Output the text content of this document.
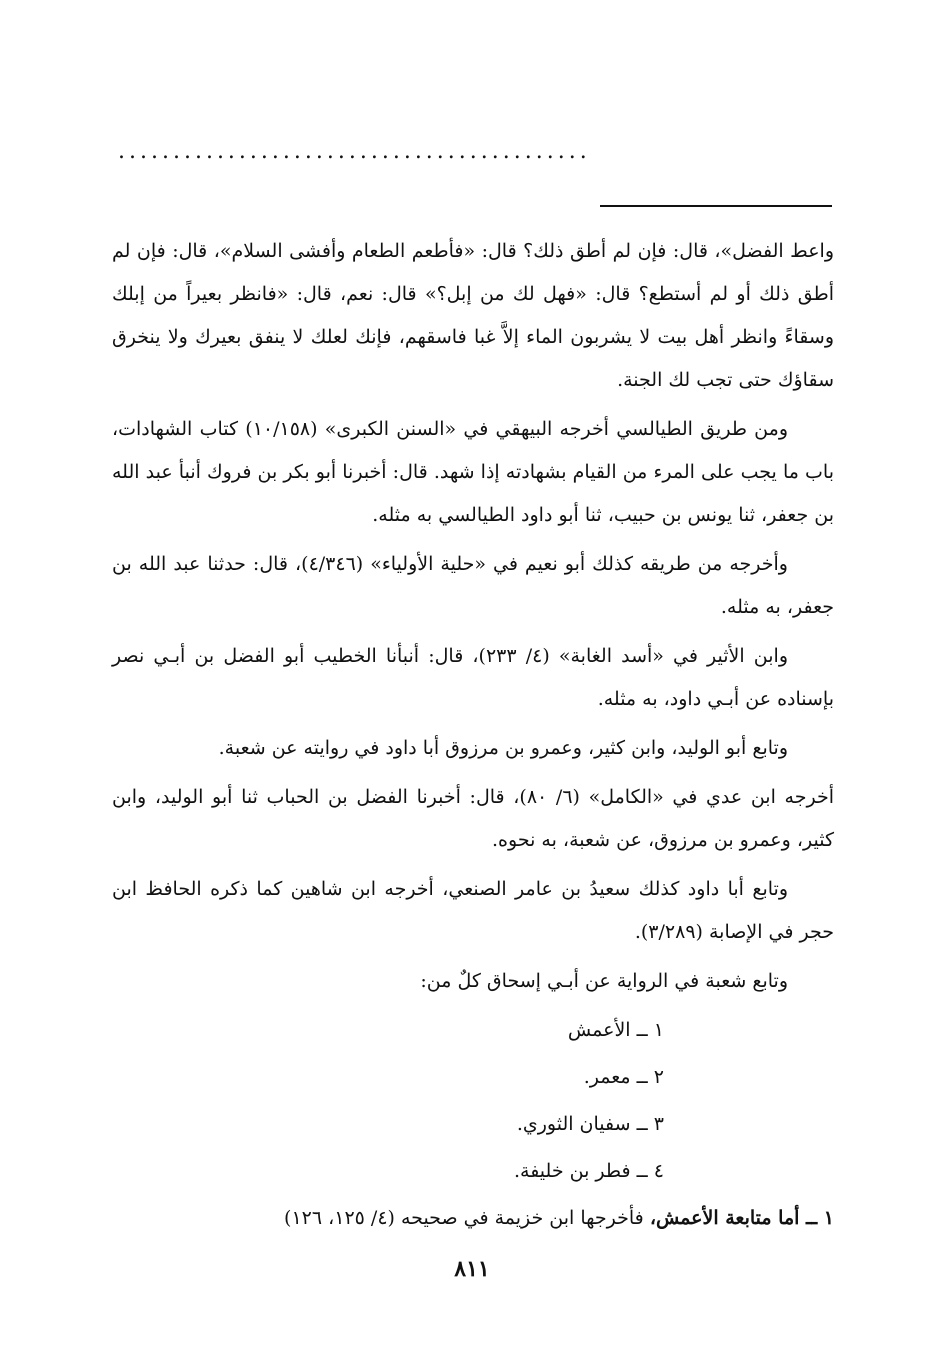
...........................................

واعط الفضل»، قال: فإن لم أطق ذلك؟ قال: «فأطعم الطعام وأفشى السلام»، قال: فإن لم أطق ذلك أو لم أستطع؟ قال: «فهل لك من إبل؟» قال: نعم، قال: «فانظر بعيراً من إبلك وسقاءً وانظر أهل بيت لا يشربون الماء إلاَّ غبا فاسقهم، فإنك لعلك لا ينفق بعيرك ولا ينخرق سقاؤك حتى تجب لك الجنة.

ومن طريق الطيالسي أخرجه البيهقي في «السنن الكبرى» (١٠/١٥٨) كتاب الشهادات، باب ما يجب على المرء من القيام بشهادته إذا شهد. قال: أخبرنا أبو بكر بن فروك أنبأ عبد الله بن جعفر، ثنا يونس بن حبيب، ثنا أبو داود الطيالسي به مثله.

وأخرجه من طريقه كذلك أبو نعيم في «حلية الأولياء» (٤/٣٤٦)، قال: حدثنا عبد الله بن جعفر، به مثله.

وابن الأثير في «أسد الغابة» (٤/ ٢٣٣)، قال: أنبأنا الخطيب أبو الفضل بن أبـي نصر بإسناده عن أبـي داود، به مثله.

وتابع أبو الوليد، وابن كثير، وعمرو بن مرزوق أبا داود في روايته عن شعبة.

أخرجه ابن عدي في «الكامل» (٦/ ٨٠)، قال: أخبرنا الفضل بن الحباب ثنا أبو الوليد، وابن كثير، وعمرو بن مرزوق، عن شعبة، به نحوه.

وتابع أبا داود كذلك سعيدُ بن عامر الصنعي، أخرجه ابن شاهين كما ذكره الحافظ ابن حجر في الإصابة (٣/٢٨٩).

وتابع شعبة في الرواية عن أبـي إسحاق كلٌ من:

١ ــ الأعمش
٢ ــ معمر.
٣ ــ سفيان الثوري.
٤ ــ فطر بن خليفة.

١ ــ أما متابعة الأعمش، فأخرجها ابن خزيمة في صحيحه (٤/ ١٢٥، ١٢٦)

٨١١
